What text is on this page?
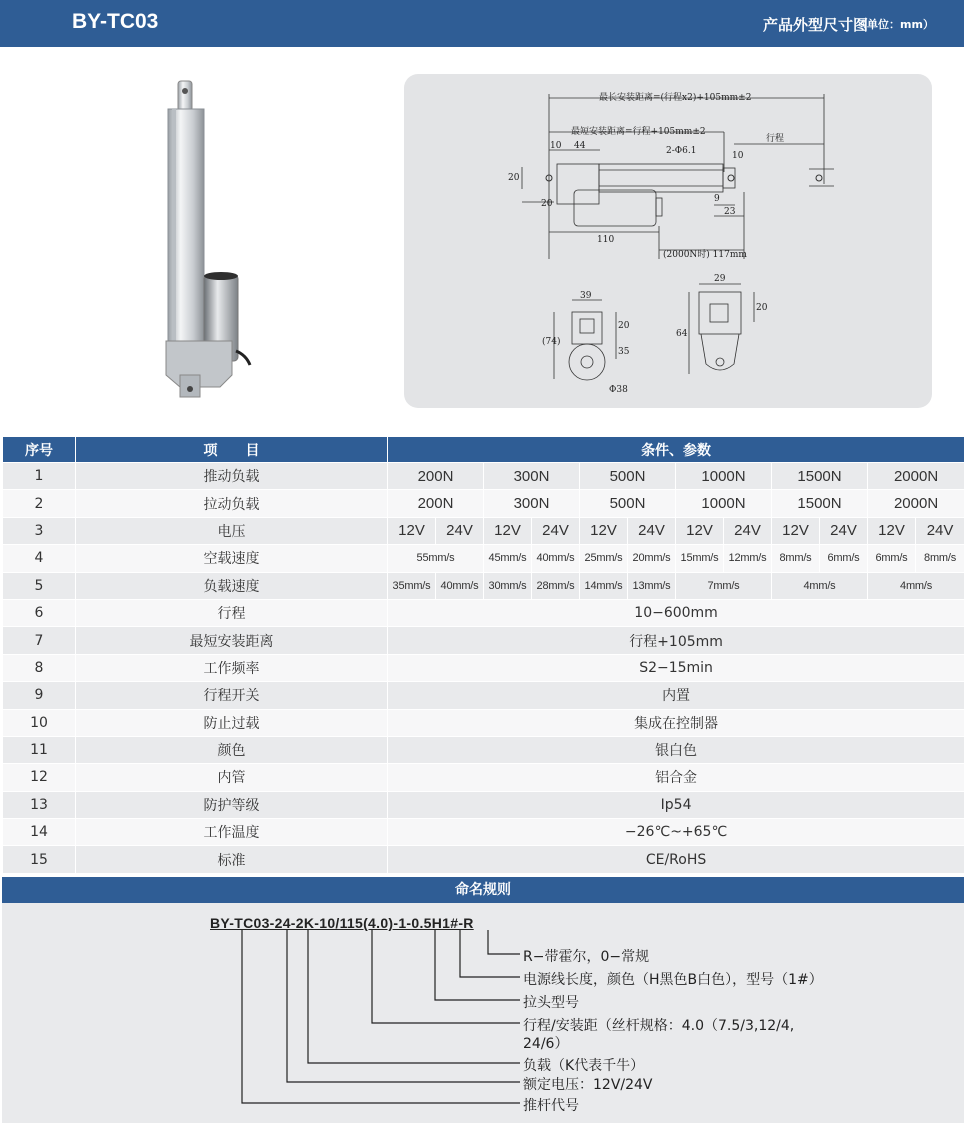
BY-TC03	产品外型尺寸图
（单位：mm）
最长安装距离=(行程x2)+105mm±2
最短安装距离=行程+105mm±2
行程
2-Φ6.1
10 44
10
20
20	9
23
110
(2000N时) 117mm
39
20
35
(74)
Φ38
29
20
64
序号	项　　目	条件、参数											
1	推动负载	200N		300N		500N		1000N		1500N		2000N	
2	拉动负载	200N		300N		500N		1000N		1500N		2000N	
3	电压	12V	24V	12V	24V	12V	24V	12V	24V	12V	24V	12V	24V
4	空载速度	55mm/s		45mm/s	40mm/s	25mm/s	20mm/s	15mm/s	12mm/s	8mm/s	6mm/s	6mm/s	8mm/s
5	负载速度	35mm/s	40mm/s	30mm/s	28mm/s	14mm/s	13mm/s	7mm/s		4mm/s		4mm/s	
6	行程	10−600mm											
7	最短安装距离	行程+105mm											
8	工作频率	S2−15min											
9	行程开关	内置											
10	防止过载	集成在控制器											
11	颜色	银白色											
12	内管	铝合金											
13	防护等级	Ip54											
14	工作温度	−26℃~+65℃											
15	标准	CE/RoHS											
命名规则
BY-TC03-24-2K-10/115(4.0)-1-0.5H1#-R
R−带霍尔，0−常规
电源线长度，颜色（H黑色B白色），型号（1#）
拉头型号
行程/安装距（丝杆规格：4.0（7.5/3,12/4,
24/6）
负载（K代表千牛）
额定电压：12V/24V
推杆代号
